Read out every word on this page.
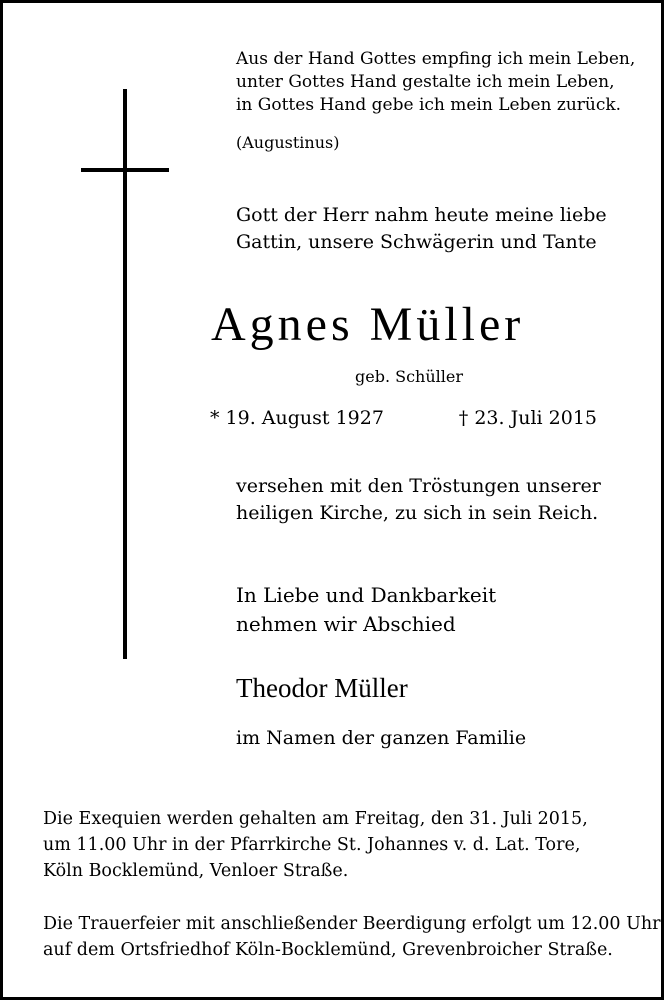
Aus der Hand Gottes empfing ich mein Leben,
unter Gottes Hand gestalte ich mein Leben,
in Gottes Hand gebe ich mein Leben zurück.
(Augustinus)
Gott der Herr nahm heute meine liebe
Gattin, unsere Schwägerin und Tante
Agnes Müller
geb. Schüller
* 19. August 1927	† 23. Juli 2015
versehen mit den Tröstungen unserer
heiligen Kirche, zu sich in sein Reich.
In Liebe und Dankbarkeit
nehmen wir Abschied
Theodor Müller
im Namen der ganzen Familie
Die Exequien werden gehalten am Freitag, den 31. Juli 2015,
um 11.00 Uhr in der Pfarrkirche St. Johannes v. d. Lat. Tore,
Köln Bocklemünd, Venloer Straße.
Die Trauerfeier mit anschließender Beerdigung erfolgt um 12.00 Uhr
auf dem Ortsfriedhof Köln-Bocklemünd, Grevenbroicher Straße.
